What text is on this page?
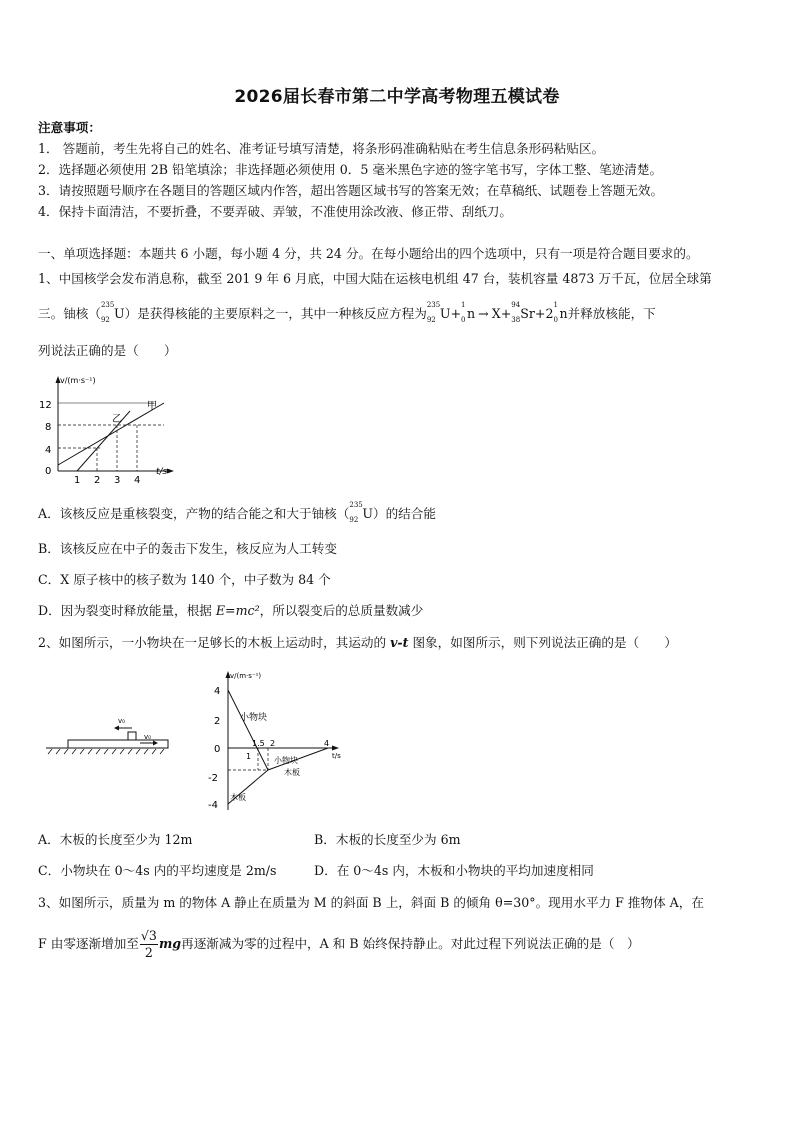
2026届长春市第二中学高考物理五模试卷
注意事项：
1． 答题前，考生先将自己的姓名、准考证号填写清楚，将条形码准确粘贴在考生信息条形码粘贴区。
2．选择题必须使用 2B 铅笔填涂；非选择题必须使用 0．5 毫米黑色字迹的签字笔书写，字体工整、笔迹清楚。
3．请按照题号顺序在各题目的答题区域内作答，超出答题区域书写的答案无效；在草稿纸、试题卷上答题无效。
4．保持卡面清洁，不要折叠，不要弄破、弄皱，不准使用涂改液、修正带、刮纸刀。
一、单项选择题：本题共 6 小题，每小题 4 分，共 24 分。在每小题给出的四个选项中，只有一项是符合题目要求的。
1、中国核学会发布消息称，截至 201 9 年 6 月底，中国大陆在运核电机组 47 台，装机容量 4873 万千瓦，位居全球第
三。铀核（
235
92 U）是获得核能的主要原料之一，其中一种核反应方程为
235
92 U+
1
0 n → X+
94
38 Sr+2
1
0 n并释放核能，下
列说法正确的是（　　）
v/(m·s⁻¹)
12
8
4
0
1 2 3 4
t/s
甲
乙
A．该核反应是重核裂变，产物的结合能之和大于铀核（
235
92 U）的结合能
B．该核反应在中子的轰击下发生，核反应为人工转变
C．X 原子核中的核子数为 140 个，中子数为 84 个
D．因为裂变时释放能量，根据 E=mc²，所以裂变后的总质量数减少
2、如图所示，一小物块在一足够长的木板上运动时，其运动的 v-t 图象，如图所示，则下列说法正确的是（　　）
v₀
v₀
v/(m·s⁻¹)
4
2
0
-2
-4
1
1.5 2	4
t/s
小物块
小物块
木板
木板
A．木板的长度至少为 12m	B．木板的长度至少为 6m
C．小物块在 0～4s 内的平均速度是 2m/s	D．在 0～4s 内，木板和小物块的平均加速度相同
3、如图所示，质量为 m 的物体 A 静止在质量为 M 的斜面 B 上，斜面 B 的倾角 θ=30°。现用水平力 F 推物体 A，在
F 由零逐渐增加至 $\frac{√3}{2}$ mg再逐渐减为零的过程中，A 和 B 始终保持静止。对此过程下列说法正确的是（　）
